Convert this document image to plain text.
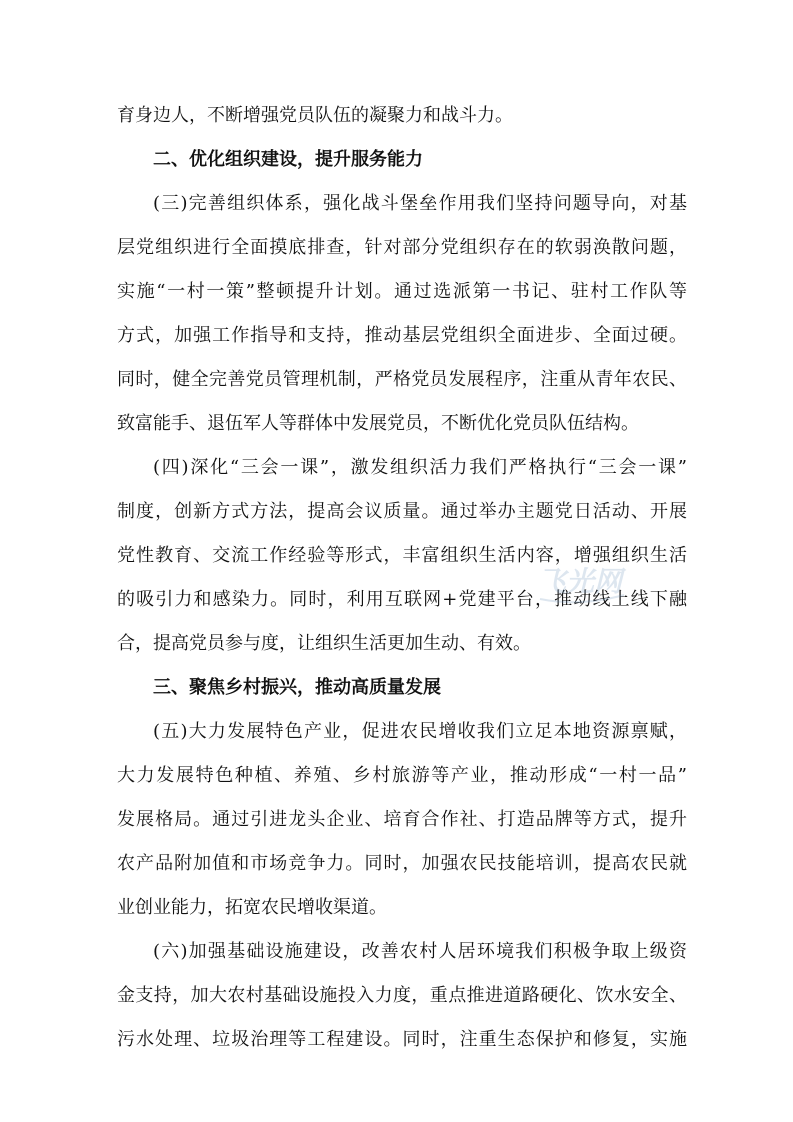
育身边人，不断增强党员队伍的凝聚力和战斗力。
二、优化组织建设，提升服务能力
(三)完善组织体系，强化战斗堡垒作用我们坚持问题导向，对基
层党组织进行全面摸底排查，针对部分党组织存在的软弱涣散问题，
实施“一村一策”整顿提升计划。通过选派第一书记、驻村工作队等
方式，加强工作指导和支持，推动基层党组织全面进步、全面过硬。
同时，健全完善党员管理机制，严格党员发展程序，注重从青年农民、
致富能手、退伍军人等群体中发展党员，不断优化党员队伍结构。
(四)深化“三会一课”，激发组织活力我们严格执行“三会一课”
制度，创新方式方法，提高会议质量。通过举办主题党日活动、开展
党性教育、交流工作经验等形式，丰富组织生活内容，增强组织生活
的吸引力和感染力。同时，利用互联网+党建平台，推动线上线下融
合，提高党员参与度，让组织生活更加生动、有效。
三、聚焦乡村振兴，推动高质量发展
(五)大力发展特色产业，促进农民增收我们立足本地资源禀赋，
大力发展特色种植、养殖、乡村旅游等产业，推动形成“一村一品”
发展格局。通过引进龙头企业、培育合作社、打造品牌等方式，提升
农产品附加值和市场竞争力。同时，加强农民技能培训，提高农民就
业创业能力，拓宽农民增收渠道。
(六)加强基础设施建设，改善农村人居环境我们积极争取上级资
金支持，加大农村基础设施投入力度，重点推进道路硬化、饮水安全、
污水处理、垃圾治理等工程建设。同时，注重生态保护和修复，实施
飞光网
